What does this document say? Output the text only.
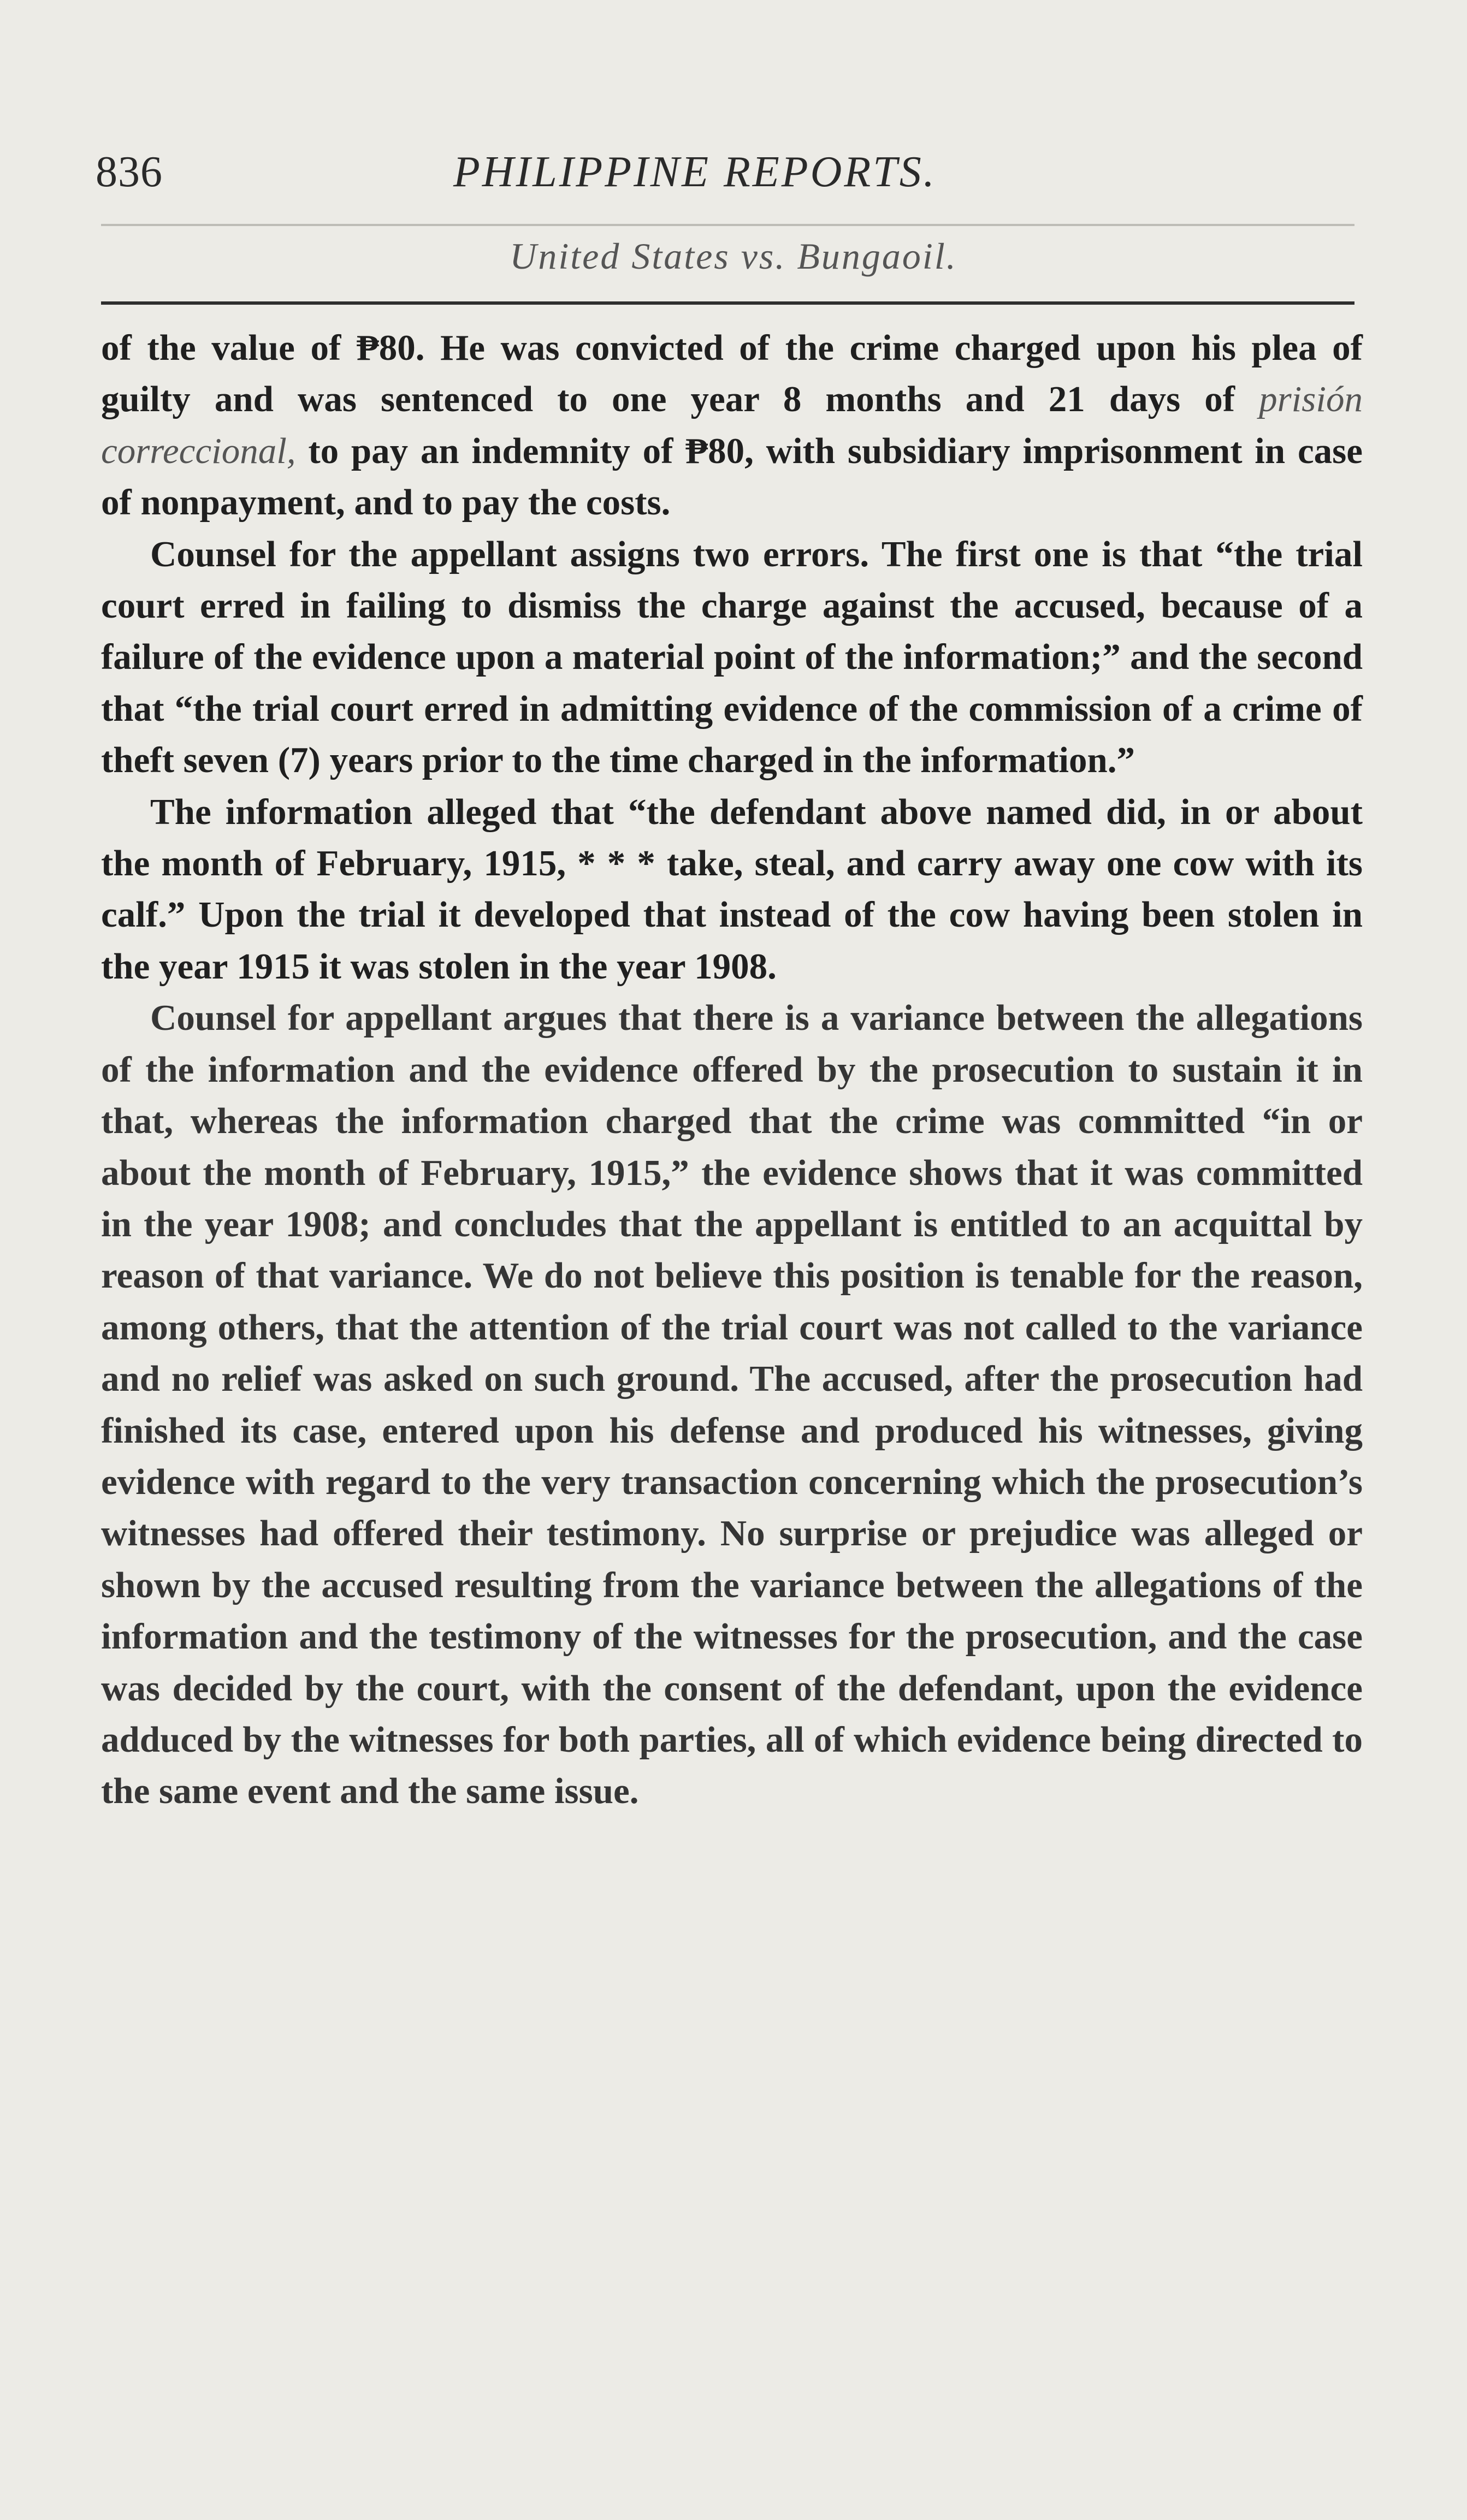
836	PHILIPPINE REPORTS.
United States vs. Bungaoil.

of the value of ₱80. He was convicted of the crime charged upon his plea of guilty and was sentenced to one year 8 months and 21 days of prisión correccional, to pay an indemnity of ₱80, with subsidiary imprisonment in case of nonpayment, and to pay the costs.

Counsel for the appellant assigns two errors. The first one is that “the trial court erred in failing to dismiss the charge against the accused, because of a failure of the evidence upon a material point of the information;” and the second that “the trial court erred in admitting evidence of the commission of a crime of theft seven (7) years prior to the time charged in the information.”

The information alleged that “the defendant above named did, in or about the month of February, 1915, * * * take, steal, and carry away one cow with its calf.” Upon the trial it developed that instead of the cow having been stolen in the year 1915 it was stolen in the year 1908.

Counsel for appellant argues that there is a variance between the allegations of the information and the evidence offered by the prosecution to sustain it in that, whereas the information charged that the crime was committed “in or about the month of February, 1915,” the evidence shows that it was committed in the year 1908; and concludes that the appellant is entitled to an acquittal by reason of that variance. We do not believe this position is tenable for the reason, among others, that the attention of the trial court was not called to the variance and no relief was asked on such ground. The accused, after the prosecution had finished its case, entered upon his defense and produced his witnesses, giving evidence with regard to the very transaction concerning which the prosecution’s witnesses had offered their testimony. No surprise or prejudice was alleged or shown by the accused resulting from the variance between the allegations of the information and the testimony of the witnesses for the prosecution, and the case was decided by the court, with the consent of the defendant, upon the evidence adduced by the witnesses for both parties, all of which evidence being directed to the same event and the same issue.
